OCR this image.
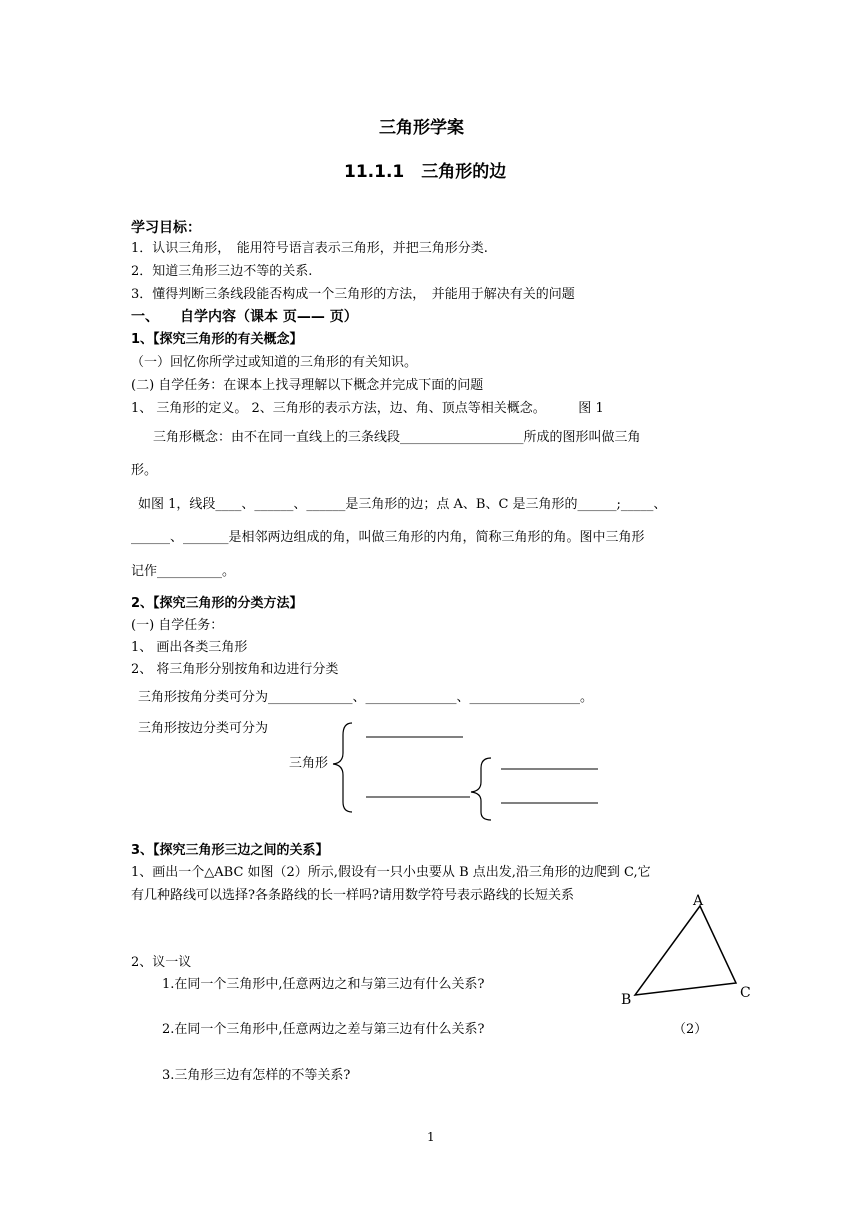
三角形学案
11.1.1　三角形的边
学习目标：
1．认识三角形，　能用符号语言表示三角形，并把三角形分类.
2．知道三角形三边不等的关系.
3．懂得判断三条线段能否构成一个三角形的方法，　并能用于解决有关的问题
一、　　自学内容（课本 页—— 页）
1、【探究三角形的有关概念】
（一）回忆你所学过或知道的三角形的有关知识。
(二) 自学任务：在课本上找寻理解以下概念并完成下面的问题
1、 三角形的定义。 2、三角形的表示方法，边、角、顶点等相关概念。　　　图 1
三角形概念：由不在同一直线上的三条线段___________________所成的图形叫做三角
形。
如图 1，线段____、______、______是三角形的边；点 A、B、C 是三角形的______;_____、
______、_______是相邻两边组成的角，叫做三角形的内角，简称三角形的角。图中三角形
记作__________。
2、【探究三角形的分类方法】
(一) 自学任务：
1、 画出各类三角形
2、 将三角形分别按角和边进行分类
三角形按角分类可分为_____________、______________、_________________。
三角形按边分类可分为
三角形
3、【探究三角形三边之间的关系】
1、画出一个△ABC 如图（2）所示,假设有一只小虫要从 B 点出发,沿三角形的边爬到 C,它
有几种路线可以选择?各条路线的长一样吗?请用数学符号表示路线的长短关系	A
B	C
2、议一议
1.在同一个三角形中,任意两边之和与第三边有什么关系?
2.在同一个三角形中,任意两边之差与第三边有什么关系?	（2）
3.三角形三边有怎样的不等关系?
1
